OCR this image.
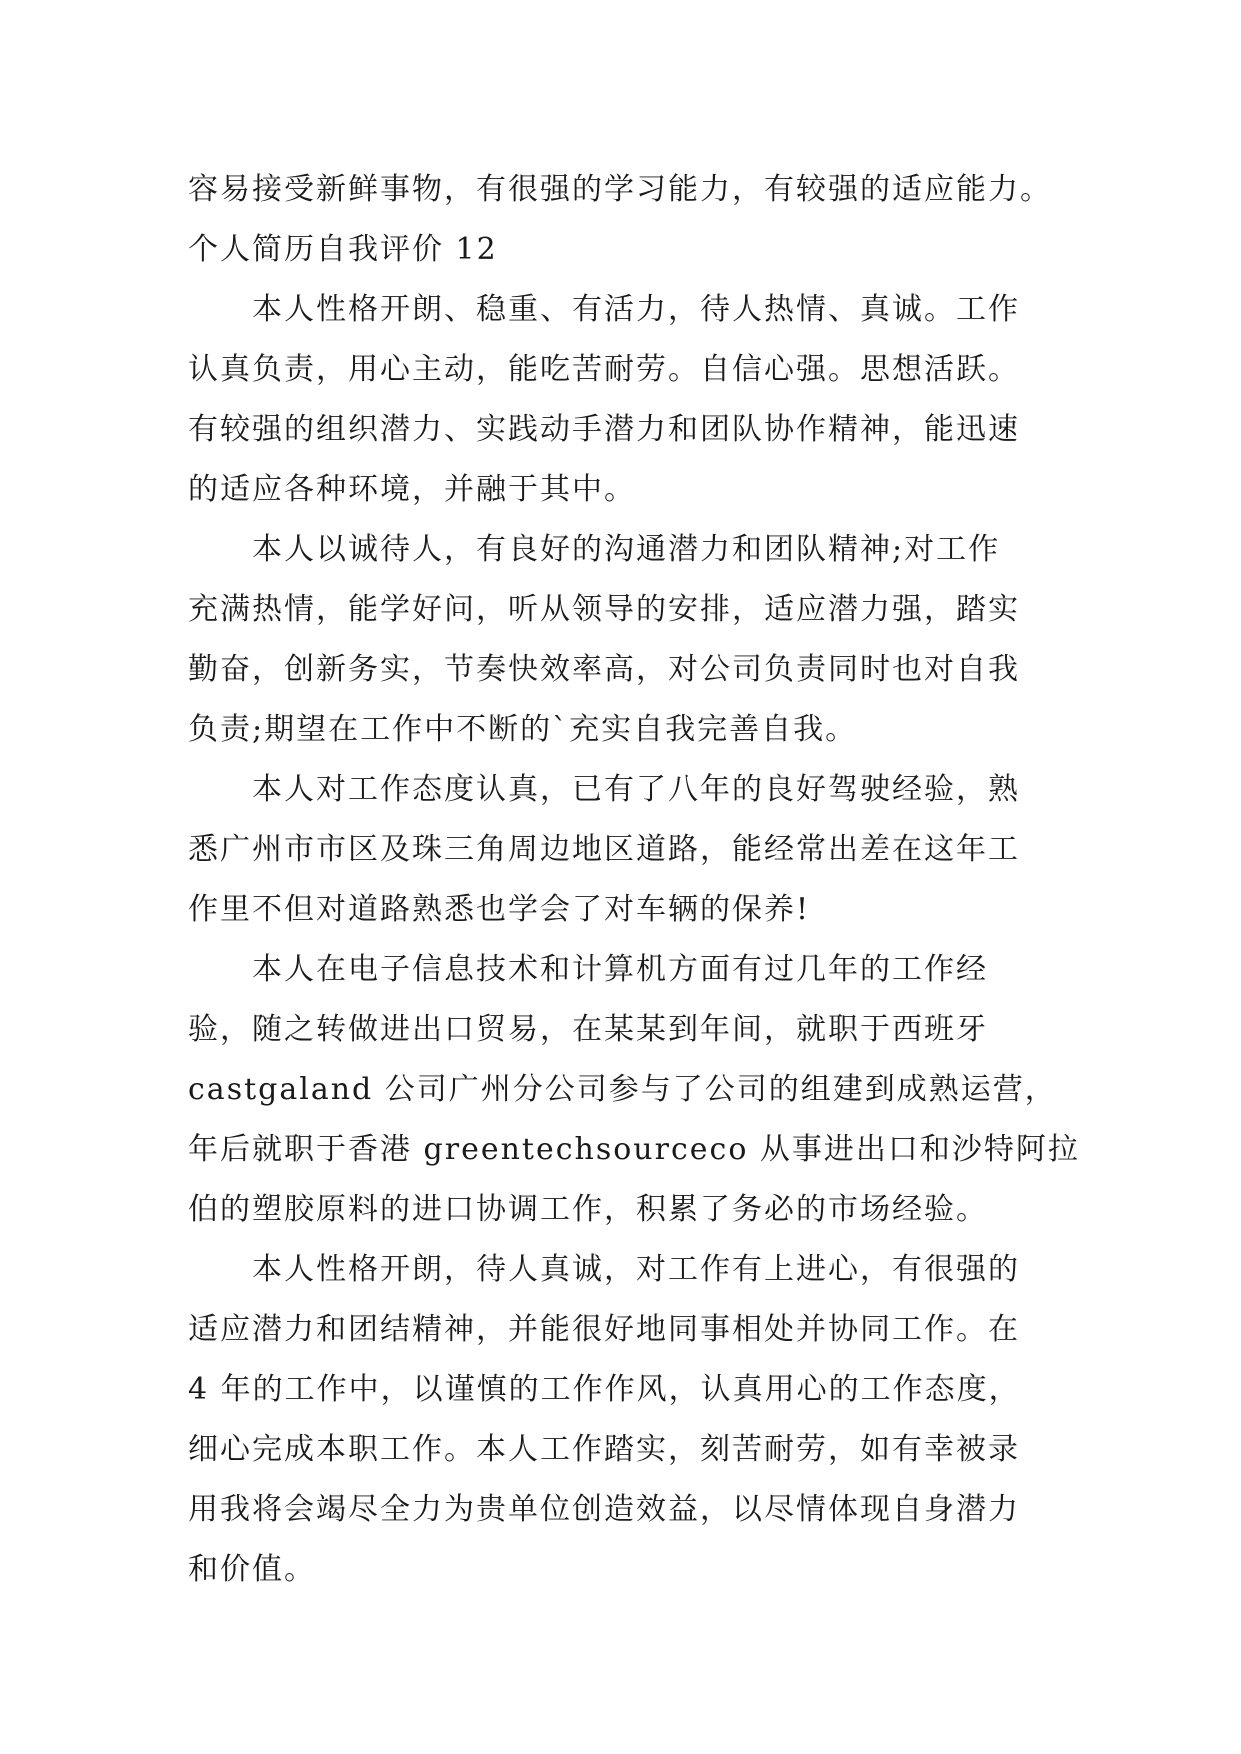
容易接受新鲜事物，有很强的学习能力，有较强的适应能力。
个人简历自我评价 12
本人性格开朗、稳重、有活力，待人热情、真诚。工作
认真负责，用心主动，能吃苦耐劳。自信心强。思想活跃。
有较强的组织潜力、实践动手潜力和团队协作精神，能迅速
的适应各种环境，并融于其中。
本人以诚待人，有良好的沟通潜力和团队精神;对工作
充满热情，能学好问，听从领导的安排，适应潜力强，踏实
勤奋，创新务实，节奏快效率高，对公司负责同时也对自我
负责;期望在工作中不断的`充实自我完善自我。
本人对工作态度认真，已有了八年的良好驾驶经验，熟
悉广州市市区及珠三角周边地区道路，能经常出差在这年工
作里不但对道路熟悉也学会了对车辆的保养!
本人在电子信息技术和计算机方面有过几年的工作经
验，随之转做进出口贸易，在某某到年间，就职于西班牙
castgaland 公司广州分公司参与了公司的组建到成熟运营，
年后就职于香港 greentechsourceco 从事进出口和沙特阿拉
伯的塑胶原料的进口协调工作，积累了务必的市场经验。
本人性格开朗，待人真诚，对工作有上进心，有很强的
适应潜力和团结精神，并能很好地同事相处并协同工作。在
4 年的工作中，以谨慎的工作作风，认真用心的工作态度，
细心完成本职工作。本人工作踏实，刻苦耐劳，如有幸被录
用我将会竭尽全力为贵单位创造效益，以尽情体现自身潜力
和价值。
